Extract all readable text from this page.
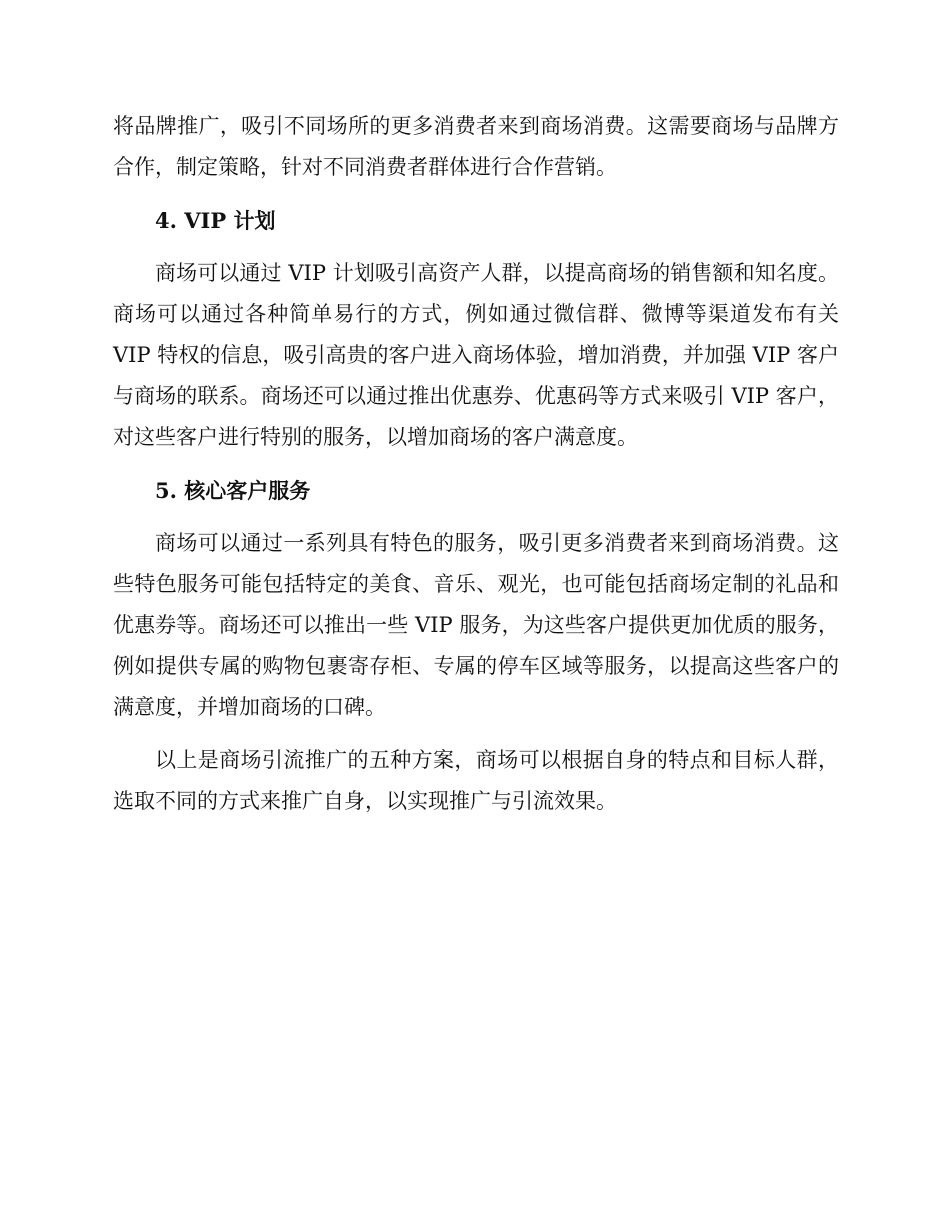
将品牌推广，吸引不同场所的更多消费者来到商场消费。这需要商场与品牌方合作，制定策略，针对不同消费者群体进行合作营销。

4. VIP 计划

商场可以通过 VIP 计划吸引高资产人群，以提高商场的销售额和知名度。商场可以通过各种简单易行的方式，例如通过微信群、微博等渠道发布有关 VIP 特权的信息，吸引高贵的客户进入商场体验，增加消费，并加强 VIP 客户与商场的联系。商场还可以通过推出优惠券、优惠码等方式来吸引 VIP 客户，对这些客户进行特别的服务，以增加商场的客户满意度。

5. 核心客户服务

商场可以通过一系列具有特色的服务，吸引更多消费者来到商场消费。这些特色服务可能包括特定的美食、音乐、观光，也可能包括商场定制的礼品和优惠券等。商场还可以推出一些 VIP 服务，为这些客户提供更加优质的服务，例如提供专属的购物包裹寄存柜、专属的停车区域等服务，以提高这些客户的满意度，并增加商场的口碑。

以上是商场引流推广的五种方案，商场可以根据自身的特点和目标人群，选取不同的方式来推广自身，以实现推广与引流效果。
